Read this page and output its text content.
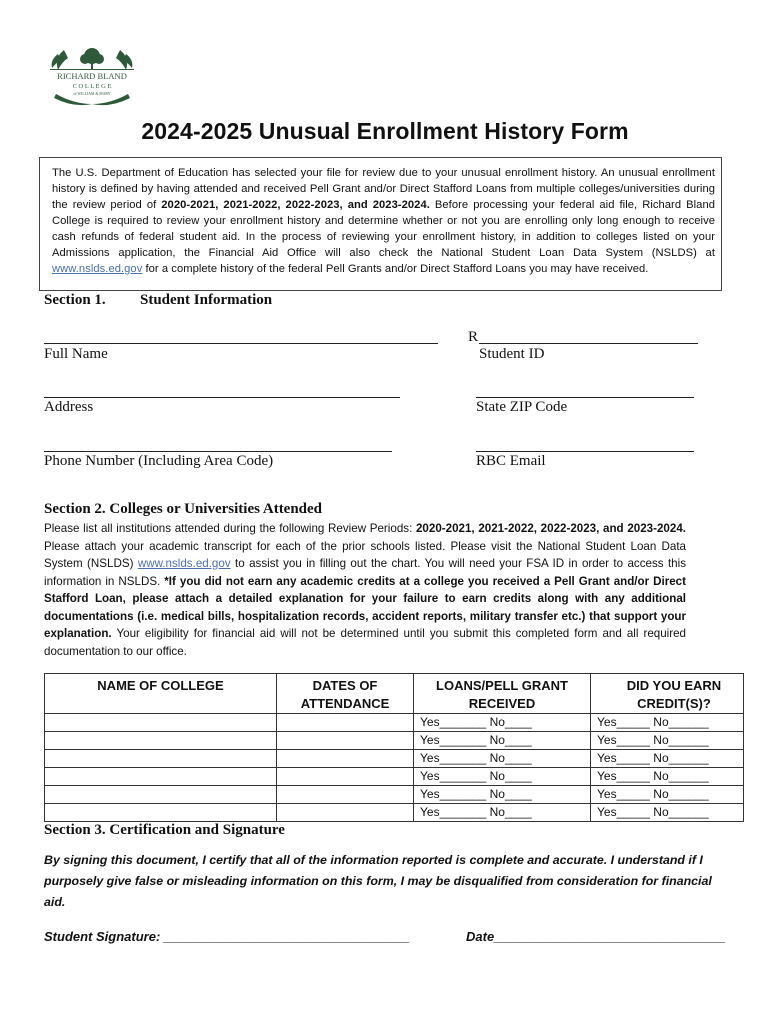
RICHARD BLAND
C O L L E G E
of WILLIAM & MARY
2024-2025 Unusual Enrollment History Form
The U.S. Department of Education has selected your file for review due to your unusual enrollment history. An unusual enrollment history is defined by having attended and received Pell Grant and/or Direct Stafford Loans from multiple colleges/universities during the review period of 2020-2021, 2021-2022, 2022-2023, and 2023-2024. Before processing your federal aid file, Richard Bland College is required to review your enrollment history and determine whether or not you are enrolling only long enough to receive cash refunds of federal student aid. In the process of reviewing your enrollment history, in addition to colleges listed on your Admissions application, the Financial Aid Office will also check the National Student Loan Data System (NSLDS) at www.nslds.ed.gov for a complete history of the federal Pell Grants and/or Direct Stafford Loans you may have received.
Section 1. Student Information
Full Name
R
Student ID
Address	State ZIP Code
Phone Number (Including Area Code)	RBC Email
Section 2. Colleges or Universities Attended
Please list all institutions attended during the following Review Periods: 2020-2021, 2021-2022, 2022-2023, and 2023-2024. Please attach your academic transcript for each of the prior schools listed. Please visit the National Student Loan Data System (NSLDS) www.nslds.ed.gov to assist you in filling out the chart. You will need your FSA ID in order to access this information in NSLDS. *If you did not earn any academic credits at a college you received a Pell Grant and/or Direct Stafford Loan, please attach a detailed explanation for your failure to earn credits along with any additional documentations (i.e. medical bills, hospitalization records, accident reports, military transfer etc.) that support your explanation. Your eligibility for financial aid will not be determined until you submit this completed form and all required documentation to our office.
NAME OF COLLEGE	DATES OF ATTENDANCE	LOANS/PELL GRANT RECEIVED	DID YOU EARN CREDIT(S)?
		Yes_______ No____	Yes_____ No______
		Yes_______ No____	Yes_____ No______
		Yes_______ No____	Yes_____ No______
		Yes_______ No____	Yes_____ No______
		Yes_______ No____	Yes_____ No______
		Yes_______ No____	Yes_____ No______
Section 3. Certification and Signature
By signing this document, I certify that all of the information reported is complete and accurate. I understand if I purposely give false or misleading information on this form, I may be disqualified from consideration for financial aid.
Student Signature: __________________________________	Date________________________________
